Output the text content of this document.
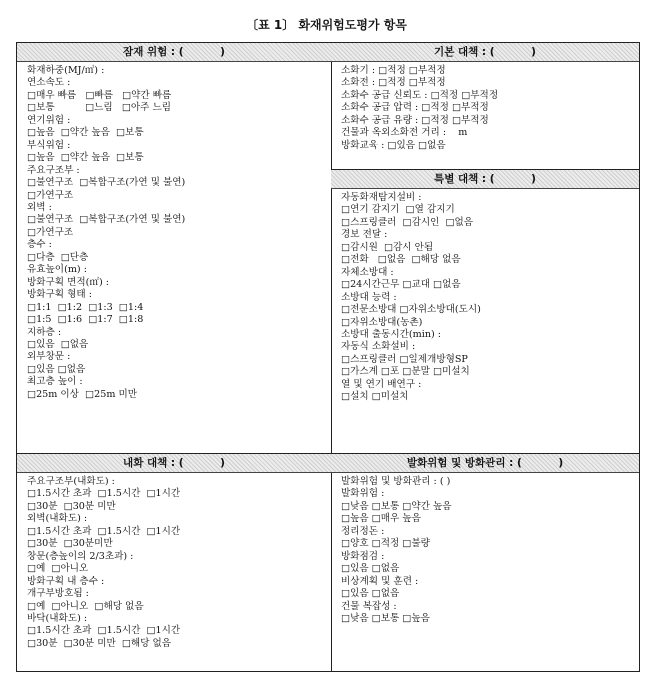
〔표 1〕 화재위험도평가 항목
잠재 위험 : (          )
화재하중(MJ/㎡) :
연소속도 :
□매우 빠름   □빠름   □약간 빠름
□보통          □느림   □아주 느림
연기위험 :
□높음  □약간 높음  □보통
부식위험 :
□높음  □약간 높음  □보통
주요구조부 :
□불연구조  □복합구조(가연 및 불연)
□가연구조
외벽 :
□불연구조  □복합구조(가연 및 불연)
□가연구조
층수 :
□다층  □단층
유효높이(m) :
방화구획 면적(㎡) :
방화구획 형태 :
□1:1  □1:2  □1:3  □1:4
□1:5  □1:6  □1:7  □1:8
지하층 :
□있음  □없음
외부창문 :
□있음 □없음
최고층 높이 :
□25m 이상  □25m 미만
내화 대책 : (          )
주요구조부(내화도) :
□1.5시간 초과  □1.5시간  □1시간
□30분  □30분 미만
외벽(내화도) :
□1.5시간 초과  □1.5시간  □1시간
□30분  □30분미만
창문(층높이의 2/3초과) :
□예  □아니오
방화구획 내 층수 :
개구부방호됨 :
□예  □아니오  □해당 없음
바닥(내화도) :
□1.5시간 초과  □1.5시간  □1시간
□30분  □30분 미만  □해당 없음
기본 대책 : (          )
소화기 : □적정 □부적정
소화전 : □적정 □부적정
소화수 공급 신뢰도 : □적정 □부적정
소화수 공급 압력 : □적정 □부적정
소화수 공급 유량 : □적정 □부적정
건물과 옥외소화전 거리 :    m
방화교육 : □있음 □없음
특별 대책 : (          )
자동화재탐지설비 :
□연기 감지기  □열 감지기
□스프링클러  □감시인  □없음
경보 전달 :
□감시원  □감시 안됨
□전화   □없음  □해당 없음
자체소방대 :
□24시간근무 □교대 □없음
소방대 능력 :
□전문소방대 □자위소방대(도시)
□자위소방대(농촌)
소방대 출동시간(min) :
자동식 소화설비 :
□스프링클러 □일제개방형SP
□가스계 □포 □분말 □미설치
열 및 연기 배연구 :
□설치 □미설치
발화위험 및 방화관리 : (          )
발화위험 및 방화관리 : ( )
발화위험 :
□낮음 □보통 □약간 높음
□높음 □매우 높음
정리정돈 :
□양호 □적정 □불량
방화점검 :
□있음 □없음
비상계획 및 훈련 :
□있음 □없음
건물 복잡성 :
□낮음 □보통 □높음
